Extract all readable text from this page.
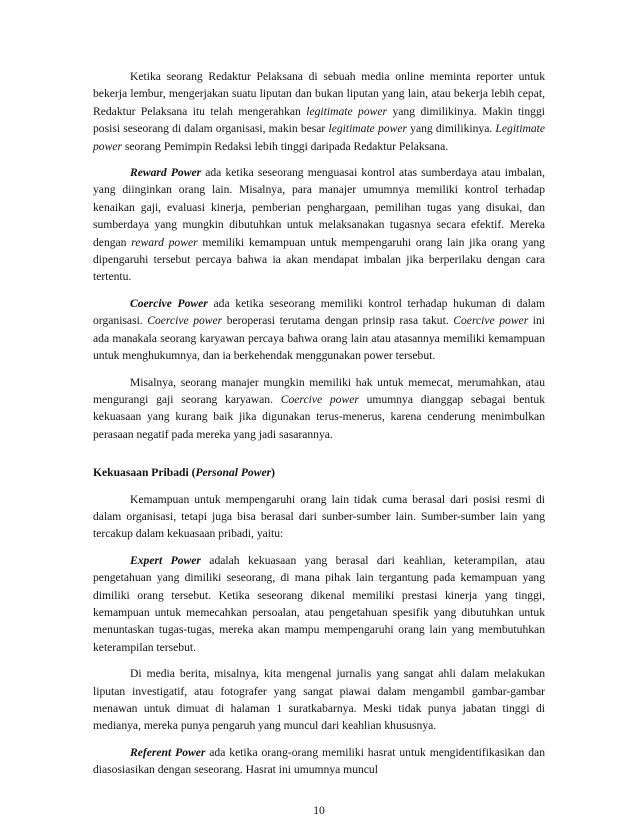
Ketika seorang Redaktur Pelaksana di sebuah media online meminta reporter untuk bekerja lembur, mengerjakan suatu liputan dan bukan liputan yang lain, atau bekerja lebih cepat, Redaktur Pelaksana itu telah mengerahkan legitimate power yang dimilikinya. Makin tinggi posisi seseorang di dalam organisasi, makin besar legitimate power yang dimilikinya. Legitimate power seorang Pemimpin Redaksi lebih tinggi daripada Redaktur Pelaksana.

Reward Power ada ketika seseorang menguasai kontrol atas sumberdaya atau imbalan, yang diinginkan orang lain. Misalnya, para manajer umumnya memiliki kontrol terhadap kenaikan gaji, evaluasi kinerja, pemberian penghargaan, pemilihan tugas yang disukai, dan sumberdaya yang mungkin dibutuhkan untuk melaksanakan tugasnya secara efektif. Mereka dengan reward power memiliki kemampuan untuk mempengaruhi orang lain jika orang yang dipengaruhi tersebut percaya bahwa ia akan mendapat imbalan jika berperilaku dengan cara tertentu.

Coercive Power ada ketika seseorang memiliki kontrol terhadap hukuman di dalam organisasi. Coercive power beroperasi terutama dengan prinsip rasa takut. Coercive power ini ada manakala seorang karyawan percaya bahwa orang lain atau atasannya memiliki kemampuan untuk menghukumnya, dan ia berkehendak menggunakan power tersebut.

Misalnya, seorang manajer mungkin memiliki hak untuk memecat, merumahkan, atau mengurangi gaji seorang karyawan. Coercive power umumnya dianggap sebagai bentuk kekuasaan yang kurang baik jika digunakan terus-menerus, karena cenderung menimbulkan perasaan negatif pada mereka yang jadi sasarannya.

Kekuasaan Pribadi (Personal Power)

Kemampuan untuk mempengaruhi orang lain tidak cuma berasal dari posisi resmi di dalam organisasi, tetapi juga bisa berasal dari sunber-sumber lain. Sumber-sumber lain yang tercakup dalam kekuasaan pribadi, yaitu:

Expert Power adalah kekuasaan yang berasal dari keahlian, keterampilan, atau pengetahuan yang dimiliki seseorang, di mana pihak lain tergantung pada kemampuan yang dimiliki orang tersebut. Ketika seseorang dikenal memiliki prestasi kinerja yang tinggi, kemampuan untuk memecahkan persoalan, atau pengetahuan spesifik yang dibutuhkan untuk menuntaskan tugas-tugas, mereka akan mampu mempengaruhi orang lain yang membutuhkan keterampilan tersebut.

Di media berita, misalnya, kita mengenal jurnalis yang sangat ahli dalam melakukan liputan investigatif, atau fotografer yang sangat piawai dalam mengambil gambar-gambar menawan untuk dimuat di halaman 1 suratkabarnya. Meski tidak punya jabatan tinggi di medianya, mereka punya pengaruh yang muncul dari keahlian khususnya.

Referent Power ada ketika orang-orang memiliki hasrat untuk mengidentifikasikan dan diasosiasikan dengan seseorang. Hasrat ini umumnya muncul

10
